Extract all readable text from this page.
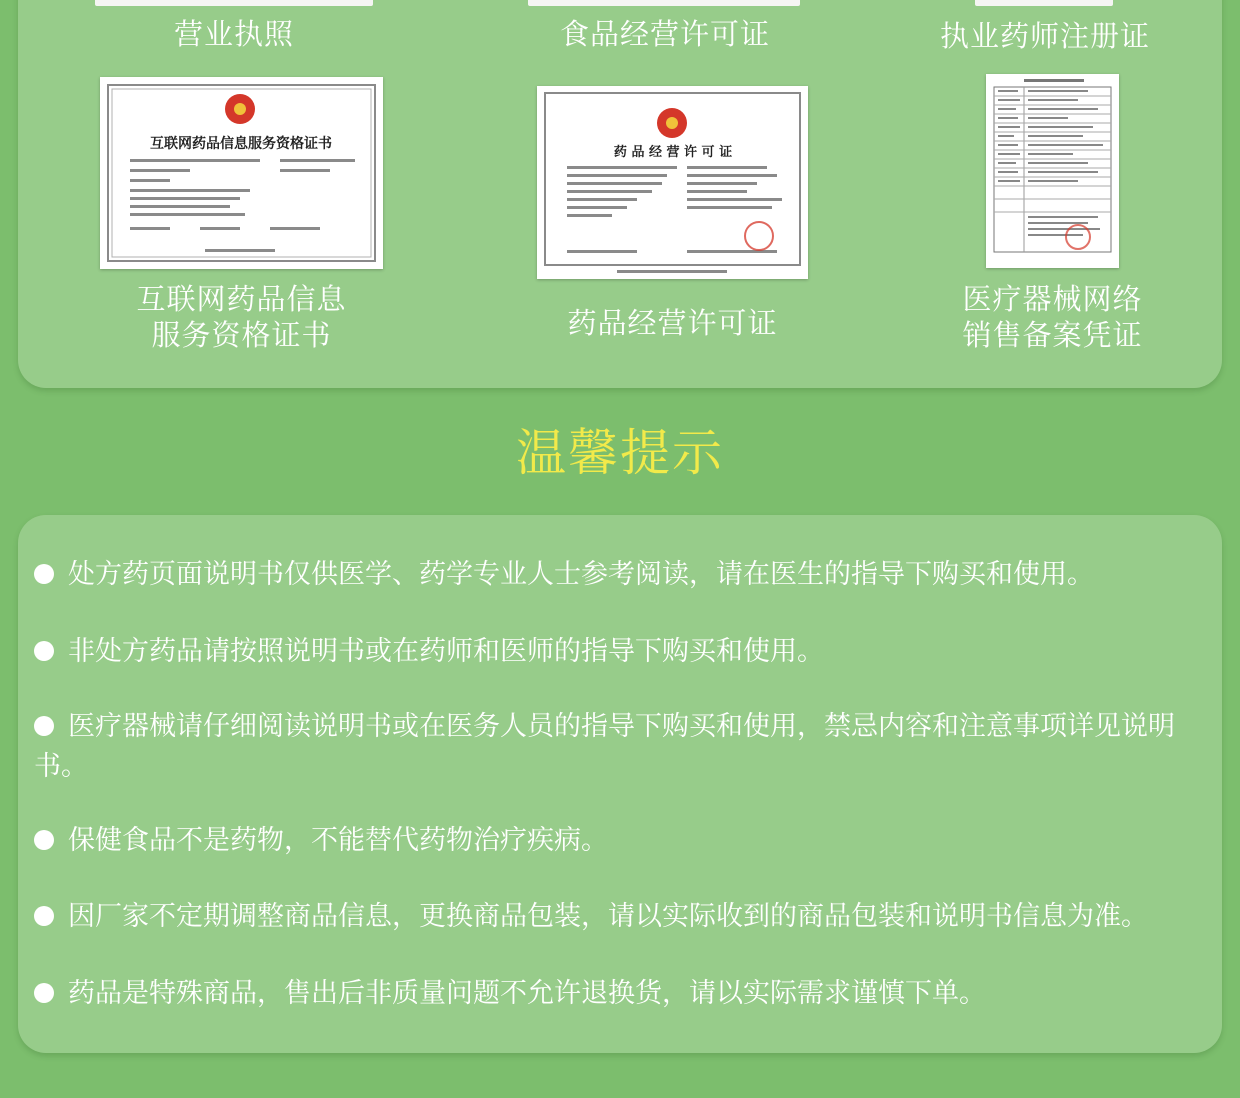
营业执照	食品经营许可证	执业药师注册证
互联网药品信息服务资格证书
药 品 经 营 许 可 证
互联网药品信息
服务资格证书	药品经营许可证
医疗器械网络
销售备案凭证
温馨提示
处方药页面说明书仅供医学、药学专业人士参考阅读，请在医生的指导下购买和使用。
非处方药品请按照说明书或在药师和医师的指导下购买和使用。
医疗器械请仔细阅读说明书或在医务人员的指导下购买和使用，禁忌内容和注意事项详见说明书。
保健食品不是药物，不能替代药物治疗疾病。
因厂家不定期调整商品信息，更换商品包装，请以实际收到的商品包装和说明书信息为准。
药品是特殊商品，售出后非质量问题不允许退换货，请以实际需求谨慎下单。
